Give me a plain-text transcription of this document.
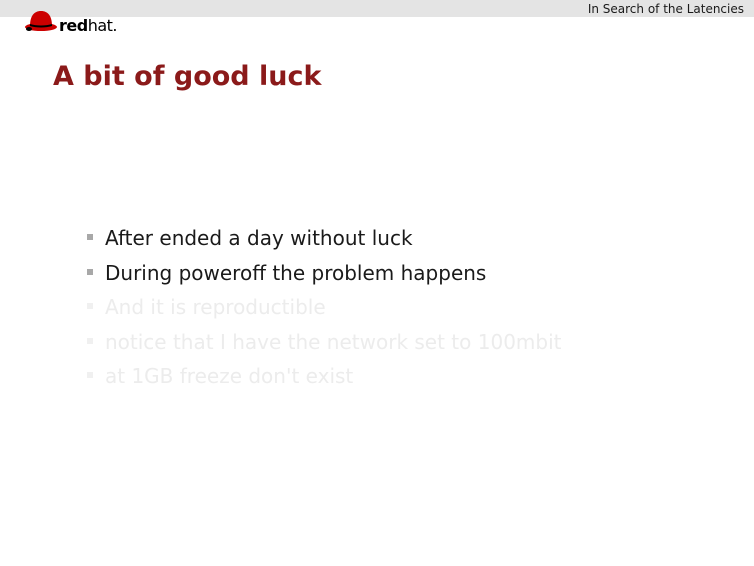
In Search of the Latencies
redhat.
A bit of good luck
After ended a day without luck
During poweroff the problem happens
And it is reproductible
notice that I have the network set to 100mbit
at 1GB freeze don't exist
